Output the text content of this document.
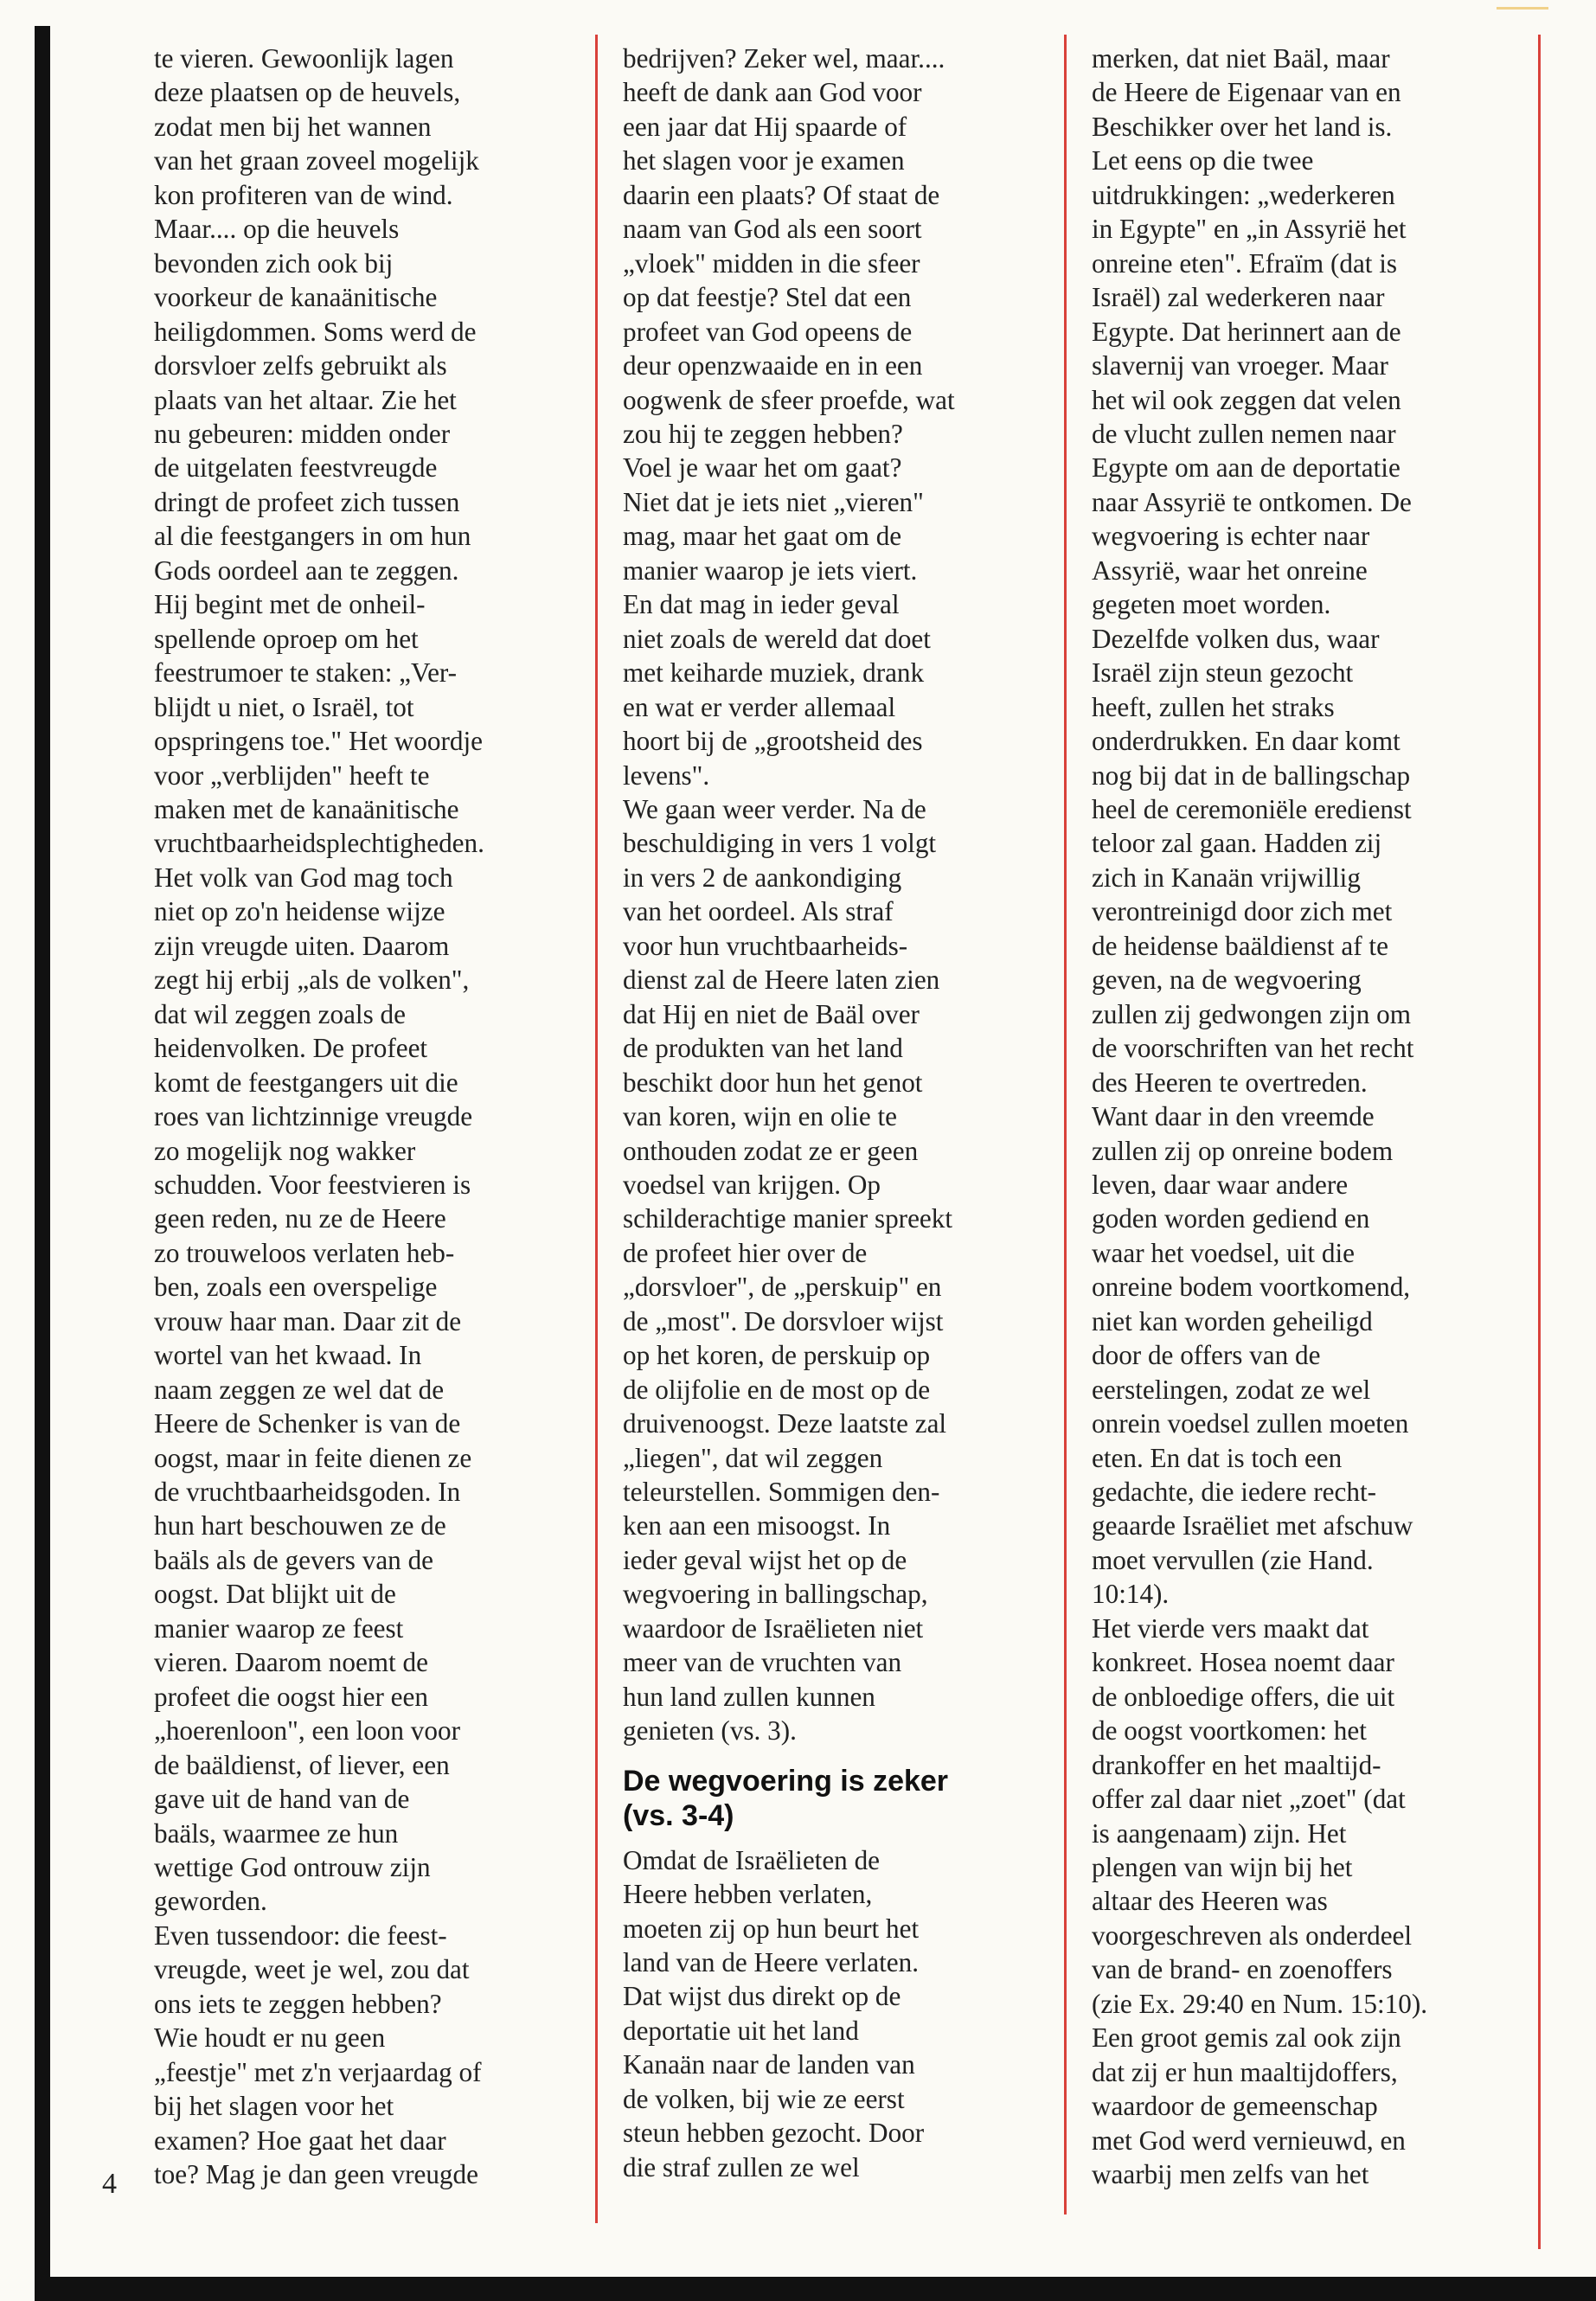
te vieren. Gewoonlijk lagen
deze plaatsen op de heuvels,
zodat men bij het wannen
van het graan zoveel mogelijk
kon profiteren van de wind.
Maar.... op die heuvels
bevonden zich ook bij
voorkeur de kanaänitische
heiligdommen. Soms werd de
dorsvloer zelfs gebruikt als
plaats van het altaar. Zie het
nu gebeuren: midden onder
de uitgelaten feestvreugde
dringt de profeet zich tussen
al die feestgangers in om hun
Gods oordeel aan te zeggen.
Hij begint met de onheil-
spellende oproep om het
feestrumoer te staken: „Ver-
blijdt u niet, o Israël, tot
opspringens toe." Het woordje
voor „verblijden" heeft te
maken met de kanaänitische
vruchtbaarheidsplechtigheden.
Het volk van God mag toch
niet op zo'n heidense wijze
zijn vreugde uiten. Daarom
zegt hij erbij „als de volken",
dat wil zeggen zoals de
heidenvolken. De profeet
komt de feestgangers uit die
roes van lichtzinnige vreugde
zo mogelijk nog wakker
schudden. Voor feestvieren is
geen reden, nu ze de Heere
zo trouweloos verlaten heb-
ben, zoals een overspelige
vrouw haar man. Daar zit de
wortel van het kwaad. In
naam zeggen ze wel dat de
Heere de Schenker is van de
oogst, maar in feite dienen ze
de vruchtbaarheidsgoden. In
hun hart beschouwen ze de
baäls als de gevers van de
oogst. Dat blijkt uit de
manier waarop ze feest
vieren. Daarom noemt de
profeet die oogst hier een
„hoerenloon", een loon voor
de baäldienst, of liever, een
gave uit de hand van de
baäls, waarmee ze hun
wettige God ontrouw zijn
geworden.
Even tussendoor: die feest-
vreugde, weet je wel, zou dat
ons iets te zeggen hebben?
Wie houdt er nu geen
„feestje" met z'n verjaardag of
bij het slagen voor het
examen? Hoe gaat het daar
toe? Mag je dan geen vreugde
bedrijven? Zeker wel, maar....
heeft de dank aan God voor
een jaar dat Hij spaarde of
het slagen voor je examen
daarin een plaats? Of staat de
naam van God als een soort
„vloek" midden in die sfeer
op dat feestje? Stel dat een
profeet van God opeens de
deur openzwaaide en in een
oogwenk de sfeer proefde, wat
zou hij te zeggen hebben?
Voel je waar het om gaat?
Niet dat je iets niet „vieren"
mag, maar het gaat om de
manier waarop je iets viert.
En dat mag in ieder geval
niet zoals de wereld dat doet
met keiharde muziek, drank
en wat er verder allemaal
hoort bij de „grootsheid des
levens".
We gaan weer verder. Na de
beschuldiging in vers 1 volgt
in vers 2 de aankondiging
van het oordeel. Als straf
voor hun vruchtbaarheids-
dienst zal de Heere laten zien
dat Hij en niet de Baäl over
de produkten van het land
beschikt door hun het genot
van koren, wijn en olie te
onthouden zodat ze er geen
voedsel van krijgen. Op
schilderachtige manier spreekt
de profeet hier over de
„dorsvloer", de „perskuip" en
de „most". De dorsvloer wijst
op het koren, de perskuip op
de olijfolie en de most op de
druivenoogst. Deze laatste zal
„liegen", dat wil zeggen
teleurstellen. Sommigen den-
ken aan een misoogst. In
ieder geval wijst het op de
wegvoering in ballingschap,
waardoor de Israëlieten niet
meer van de vruchten van
hun land zullen kunnen
genieten (vs. 3).
De wegvoering is zeker
(vs. 3-4)
Omdat de Israëlieten de
Heere hebben verlaten,
moeten zij op hun beurt het
land van de Heere verlaten.
Dat wijst dus direkt op de
deportatie uit het land
Kanaän naar de landen van
de volken, bij wie ze eerst
steun hebben gezocht. Door
die straf zullen ze wel
merken, dat niet Baäl, maar
de Heere de Eigenaar van en
Beschikker over het land is.
Let eens op die twee
uitdrukkingen: „wederkeren
in Egypte" en „in Assyrië het
onreine eten". Efraïm (dat is
Israël) zal wederkeren naar
Egypte. Dat herinnert aan de
slavernij van vroeger. Maar
het wil ook zeggen dat velen
de vlucht zullen nemen naar
Egypte om aan de deportatie
naar Assyrië te ontkomen. De
wegvoering is echter naar
Assyrië, waar het onreine
gegeten moet worden.
Dezelfde volken dus, waar
Israël zijn steun gezocht
heeft, zullen het straks
onderdrukken. En daar komt
nog bij dat in de ballingschap
heel de ceremoniële eredienst
teloor zal gaan. Hadden zij
zich in Kanaän vrijwillig
verontreinigd door zich met
de heidense baäldienst af te
geven, na de wegvoering
zullen zij gedwongen zijn om
de voorschriften van het recht
des Heeren te overtreden.
Want daar in den vreemde
zullen zij op onreine bodem
leven, daar waar andere
goden worden gediend en
waar het voedsel, uit die
onreine bodem voortkomend,
niet kan worden geheiligd
door de offers van de
eerstelingen, zodat ze wel
onrein voedsel zullen moeten
eten. En dat is toch een
gedachte, die iedere recht-
geaarde Israëliet met afschuw
moet vervullen (zie Hand.
10:14).
Het vierde vers maakt dat
konkreet. Hosea noemt daar
de onbloedige offers, die uit
de oogst voortkomen: het
drankoffer en het maaltijd-
offer zal daar niet „zoet" (dat
is aangenaam) zijn. Het
plengen van wijn bij het
altaar des Heeren was
voorgeschreven als onderdeel
van de brand- en zoenoffers
(zie Ex. 29:40 en Num. 15:10).
Een groot gemis zal ook zijn
dat zij er hun maaltijdoffers,
waardoor de gemeenschap
met God werd vernieuwd, en
waarbij men zelfs van het
4
